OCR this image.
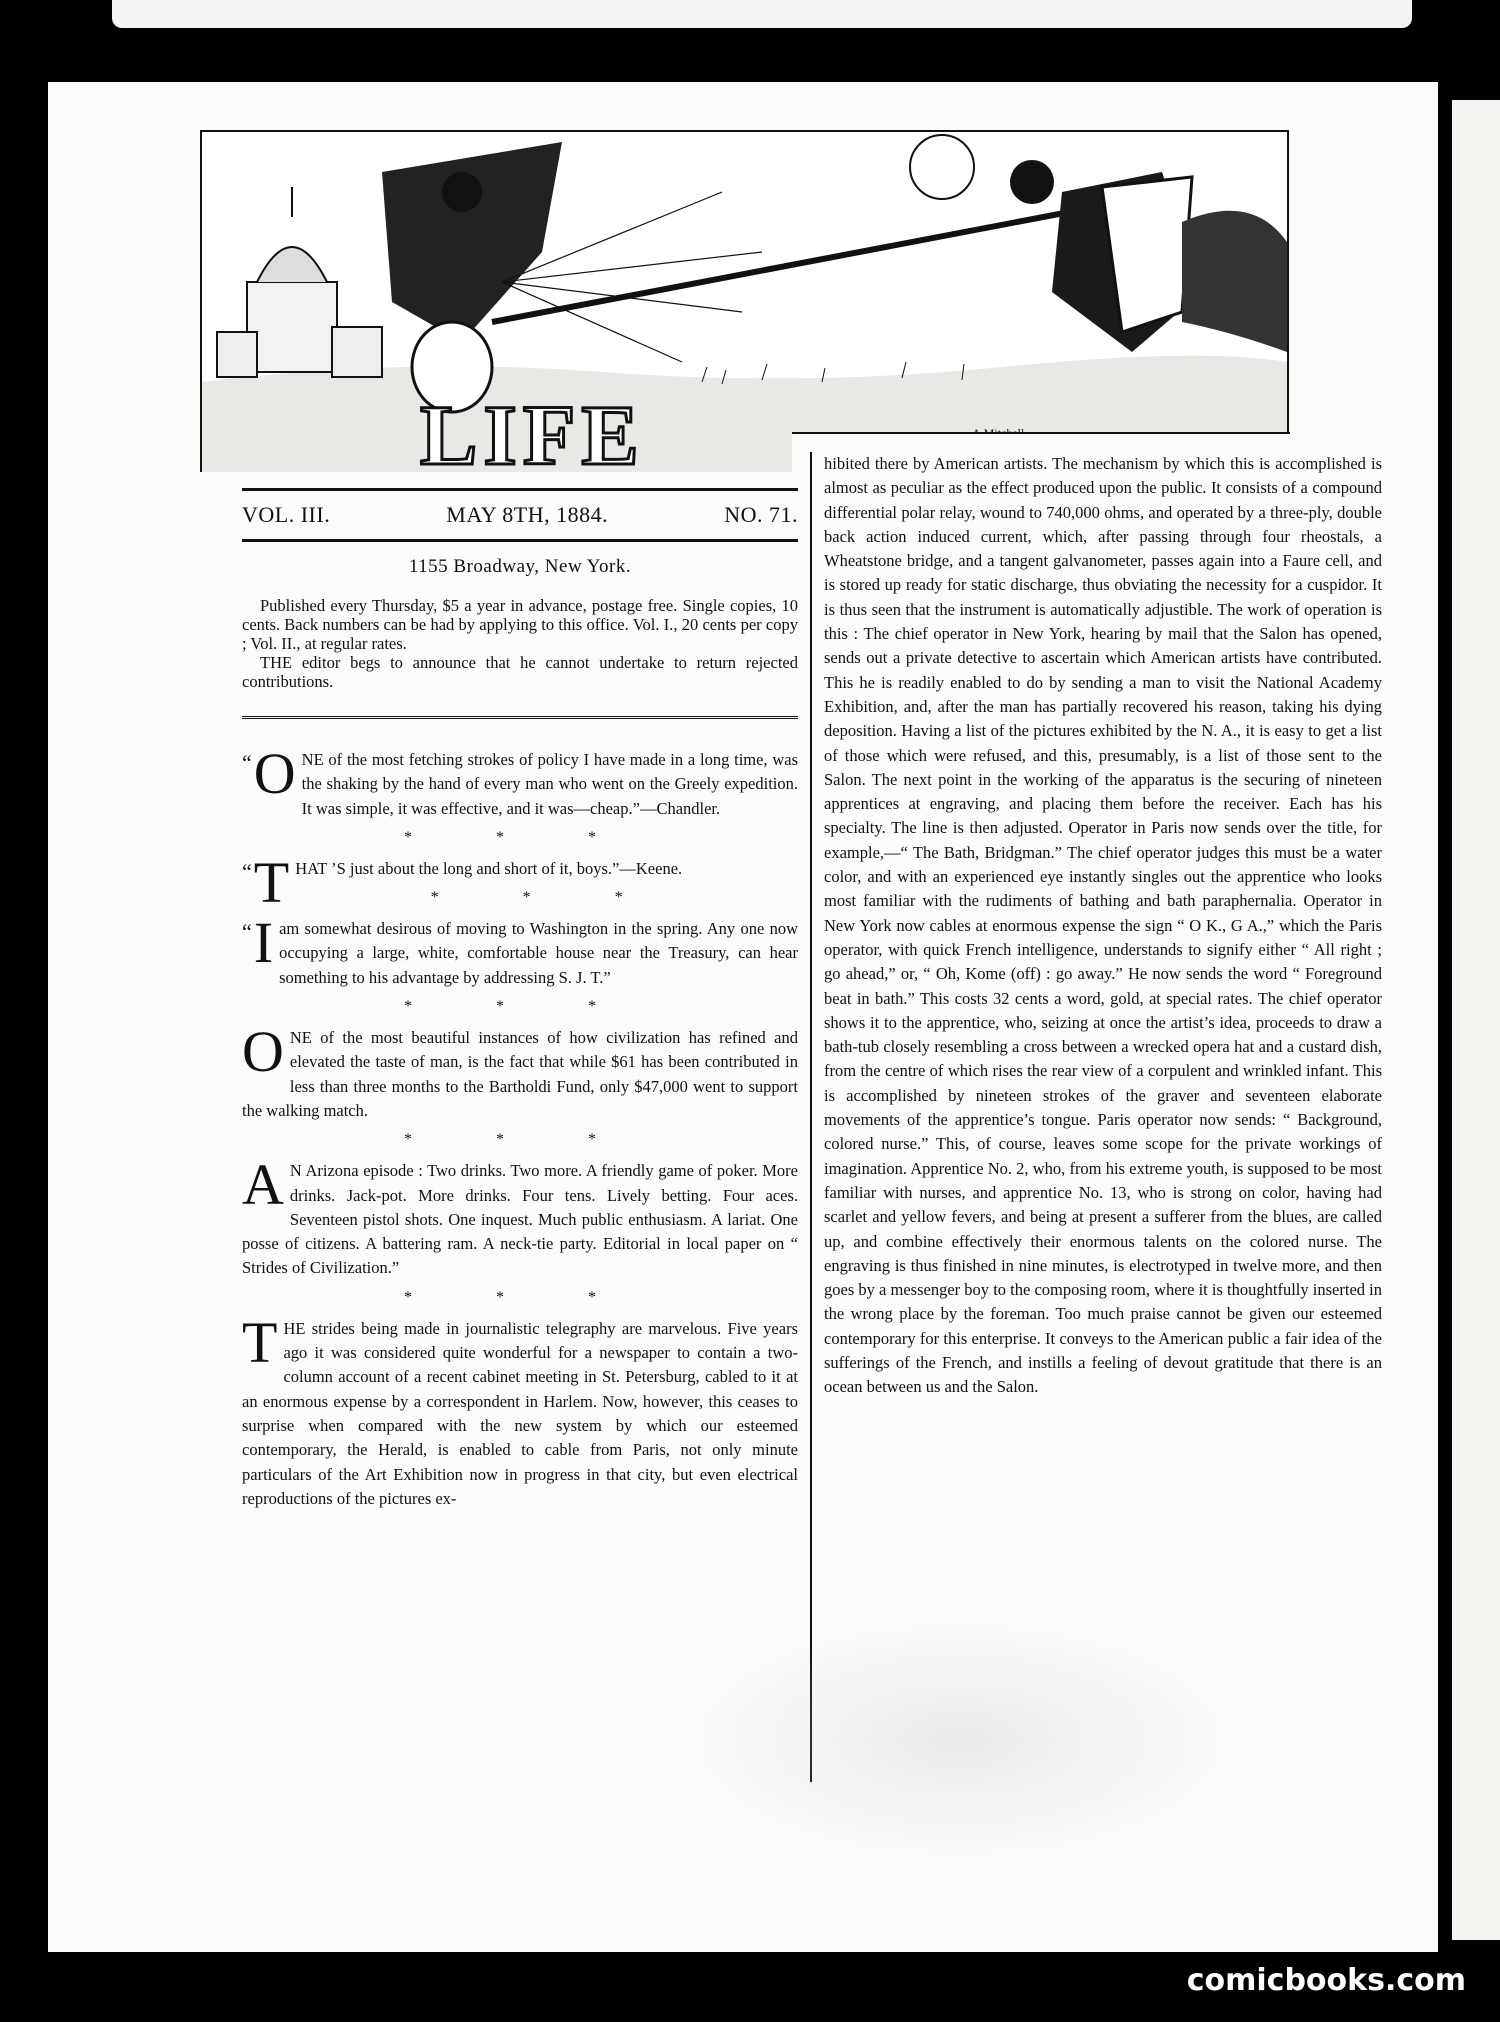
LIFE
VOL. III.	MAY 8TH, 1884.	NO. 71.
1155 Broadway, New York.

Published every Thursday, $5 a year in advance, postage free. Single copies, 10 cents. Back numbers can be had by applying to this office. Vol. I., 20 cents per copy ; Vol. II., at regular rates.

THE editor begs to announce that he cannot undertake to return rejected contributions.

“ O NE of the most fetching strokes of policy I have made in a long time, was the shaking by the hand of every man who went on the Greely expedition. It was simple, it was effective, and it was—cheap.”—Chandler.
* * *
“ T HAT ’S just about the long and short of it, boys.”—Keene.
* * *
“ I am somewhat desirous of moving to Washington in the spring. Any one now occupying a large, white, comfortable house near the Treasury, can hear something to his advantage by addressing S. J. T.”
* * *
O NE of the most beautiful instances of how civilization has refined and elevated the taste of man, is the fact that while $61 has been contributed in less than three months to the Bartholdi Fund, only $47,000 went to support the walking match.
* * *
A N Arizona episode : Two drinks. Two more. A friendly game of poker. More drinks. Jack-pot. More drinks. Four tens. Lively betting. Four aces. Seventeen pistol shots. One inquest. Much public enthusiasm. A lariat. One posse of citizens. A battering ram. A neck-tie party. Editorial in local paper on “ Strides of Civilization.”
* * *
T HE strides being made in journalistic telegraphy are marvelous. Five years ago it was considered quite wonderful for a newspaper to contain a two-column account of a recent cabinet meeting in St. Petersburg, cabled to it at an enormous expense by a correspondent in Harlem. Now, however, this ceases to surprise when compared with the new system by which our esteemed contemporary, the Herald, is enabled to cable from Paris, not only minute particulars of the Art Exhibition now in progress in that city, but even electrical reproductions of the pictures ex-
hibited there by American artists. The mechanism by which this is accomplished is almost as peculiar as the effect produced upon the public. It consists of a compound differential polar relay, wound to 740,000 ohms, and operated by a three-ply, double back action induced current, which, after passing through four rheostals, a Wheatstone bridge, and a tangent galvanometer, passes again into a Faure cell, and is stored up ready for static discharge, thus obviating the necessity for a cuspidor. It is thus seen that the instrument is automatically adjustible. The work of operation is this : The chief operator in New York, hearing by mail that the Salon has opened, sends out a private detective to ascertain which American artists have contributed. This he is readily enabled to do by sending a man to visit the National Academy Exhibition, and, after the man has partially recovered his reason, taking his dying deposition. Having a list of the pictures exhibited by the N. A., it is easy to get a list of those which were refused, and this, presumably, is a list of those sent to the Salon. The next point in the working of the apparatus is the securing of nineteen apprentices at engraving, and placing them before the receiver. Each has his specialty. The line is then adjusted. Operator in Paris now sends over the title, for example,—“ The Bath, Bridgman.” The chief operator judges this must be a water color, and with an experienced eye instantly singles out the apprentice who looks most familiar with the rudiments of bathing and bath paraphernalia. Operator in New York now cables at enormous expense the sign “ O K., G A.,” which the Paris operator, with quick French intelligence, understands to signify either “ All right ; go ahead,” or, “ Oh, Kome (off) : go away.” He now sends the word “ Foreground beat in bath.” This costs 32 cents a word, gold, at special rates. The chief operator shows it to the apprentice, who, seizing at once the artist’s idea, proceeds to draw a bath-tub closely resembling a cross between a wrecked opera hat and a custard dish, from the centre of which rises the rear view of a corpulent and wrinkled infant. This is accomplished by nineteen strokes of the graver and seventeen elaborate movements of the apprentice’s tongue. Paris operator now sends: “ Background, colored nurse.” This, of course, leaves some scope for the private workings of imagination. Apprentice No. 2, who, from his extreme youth, is supposed to be most familiar with nurses, and apprentice No. 13, who is strong on color, having had scarlet and yellow fevers, and being at present a sufferer from the blues, are called up, and combine effectively their enormous talents on the colored nurse. The engraving is thus finished in nine minutes, is electrotyped in twelve more, and then goes by a messenger boy to the composing room, where it is thoughtfully inserted in the wrong place by the foreman. Too much praise cannot be given our esteemed contemporary for this enterprise. It conveys to the American public a fair idea of the sufferings of the French, and instills a feeling of devout gratitude that there is an ocean between us and the Salon.
comicbooks.com
